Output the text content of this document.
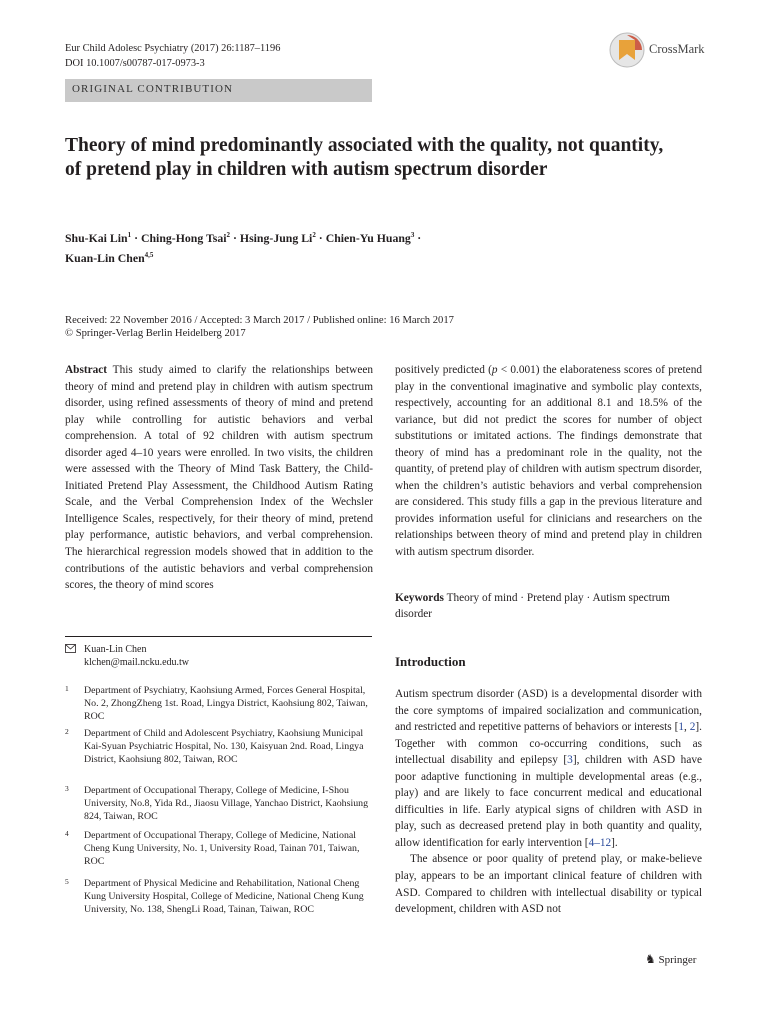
Eur Child Adolesc Psychiatry (2017) 26:1187–1196
DOI 10.1007/s00787-017-0973-3
CrossMark
ORIGINAL CONTRIBUTION
Theory of mind predominantly associated with the quality, not quantity, of pretend play in children with autism spectrum disorder
Shu-Kai Lin$^1$ · Ching-Hong Tsai$^2$ · Hsing-Jung $Li^2$ · Chien-Yu Huang$^3$ ·
Kuan-Lin Chen$^{4,5}$
Received: 22 November 2016 / Accepted: 3 March 2017 / Published online: 16 March 2017
© Springer-Verlag Berlin Heidelberg 2017
Abstract This study aimed to clarify the relationships between theory of mind and pretend play in children with autism spectrum disorder, using refined assessments of theory of mind and pretend play while controlling for autistic behaviors and verbal comprehension. A total of 92 children with autism spectrum disorder aged 4–10 years were enrolled. In two visits, the children were assessed with the Theory of Mind Task Battery, the Child-Initiated Pretend Play Assessment, the Childhood Autism Rating Scale, and the Verbal Comprehension Index of the Wechsler Intelligence Scales, respectively, for their theory of mind, pretend play performance, autistic behaviors, and verbal comprehension. The hierarchical regression models showed that in addition to the contributions of the autistic behaviors and verbal comprehension scores, the theory of mind scores
positively predicted (p < 0.001) the elaborateness scores of pretend play in the conventional imaginative and symbolic play contexts, respectively, accounting for an additional 8.1 and 18.5% of the variance, but did not predict the scores for number of object substitutions or imitated actions. The findings demonstrate that theory of mind has a predominant role in the quality, not the quantity, of pretend play of children with autism spectrum disorder, when the children’s autistic behaviors and verbal comprehension are considered. This study fills a gap in the previous literature and provides information useful for clinicians and researchers on the relationships between theory of mind and pretend play in children with autism spectrum disorder.
Keywords Theory of mind · Pretend play · Autism spectrum disorder
Kuan-Lin Chen
klchen@mail.ncku.edu.tw
1 Department of Psychiatry, Kaohsiung Armed, Forces General Hospital, No. 2, ZhongZheng 1st. Road, Lingya District, Kaohsiung 802, Taiwan, ROC
2 Department of Child and Adolescent Psychiatry, Kaohsiung Municipal Kai-Syuan Psychiatric Hospital, No. 130, Kaisyuan 2nd. Road, Lingya District, Kaohsiung 802, Taiwan, ROC
3 Department of Occupational Therapy, College of Medicine, I-Shou University, No.8, Yida Rd., Jiaosu Village, Yanchao District, Kaohsiung 824, Taiwan, ROC
4 Department of Occupational Therapy, College of Medicine, National Cheng Kung University, No. 1, University Road, Tainan 701, Taiwan, ROC
5 Department of Physical Medicine and Rehabilitation, National Cheng Kung University Hospital, College of Medicine, National Cheng Kung University, No. 138, ShengLi Road, Tainan, Taiwan, ROC
Introduction

Autism spectrum disorder (ASD) is a developmental disorder with the core symptoms of impaired socialization and communication, and restricted and repetitive patterns of behaviors or interests [1, 2]. Together with common co-occurring conditions, such as intellectual disability and epilepsy [3], children with ASD have poor adaptive functioning in multiple developmental areas (e.g., play) and are likely to face concurrent medical and educational difficulties in life. Early atypical signs of children with ASD in play, such as decreased pretend play in both quantity and quality, allow identification for early intervention [4–12].

The absence or poor quality of pretend play, or make-believe play, appears to be an important clinical feature of children with ASD. Compared to children with intellectual disability or typical development, children with ASD not

♞ Springer
